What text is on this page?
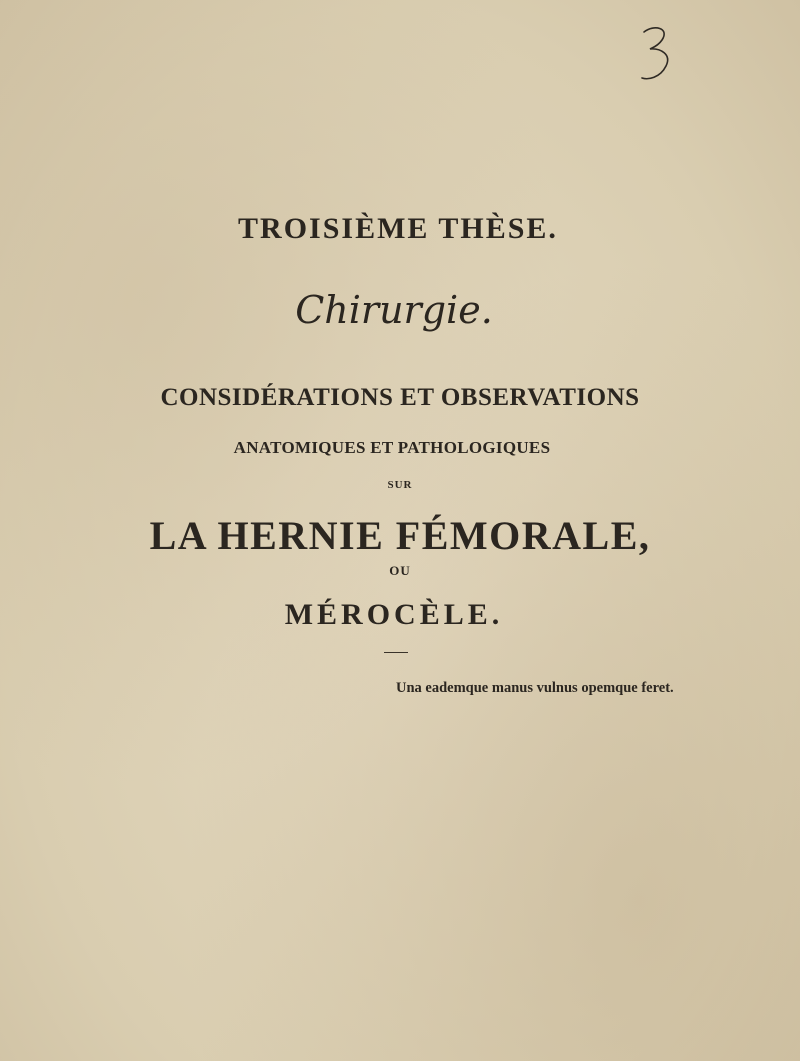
TROISIÈME THÈSE.
Chirurgie.
CONSIDÉRATIONS ET OBSERVATIONS
ANATOMIQUES ET PATHOLOGIQUES
SUR
LA HERNIE FÉMORALE,
OU
MÉROCÈLE.
Una eademque manus vulnus opemque feret.
